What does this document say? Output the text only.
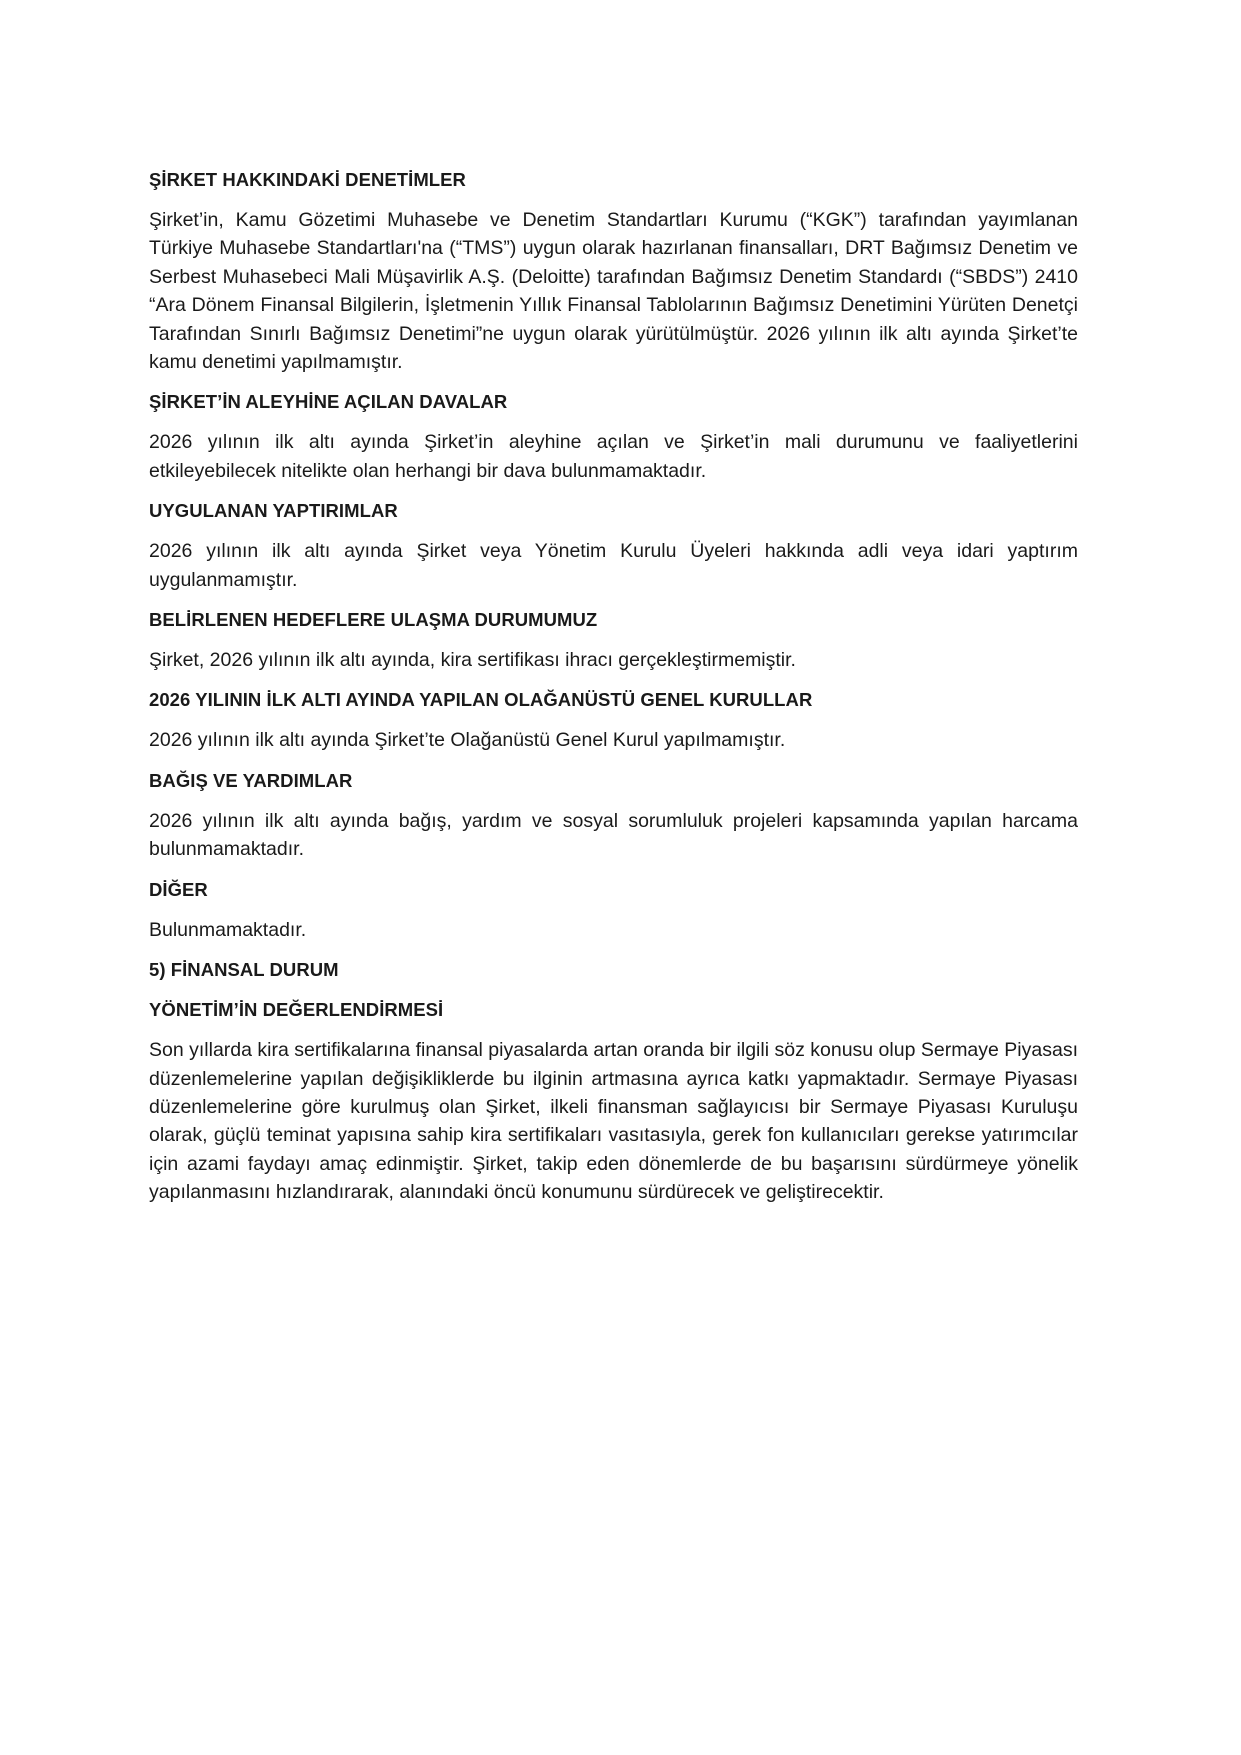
ŞİRKET HAKKINDAKİ DENETİMLER
Şirket’in, Kamu Gözetimi Muhasebe ve Denetim Standartları Kurumu (“KGK”) tarafından yayımlanan Türkiye Muhasebe Standartları'na (“TMS”) uygun olarak hazırlanan finansalları, DRT Bağımsız Denetim ve Serbest Muhasebeci Mali Müşavirlik A.Ş. (Deloitte) tarafından Bağımsız Denetim Standardı (“SBDS”) 2410 “Ara Dönem Finansal Bilgilerin, İşletmenin Yıllık Finansal Tablolarının Bağımsız Denetimini Yürüten Denetçi Tarafından Sınırlı Bağımsız Denetimi”ne uygun olarak yürütülmüştür. 2026 yılının ilk altı ayında Şirket’te kamu denetimi yapılmamıştır.
ŞİRKET’İN ALEYHİNE AÇILAN DAVALAR
2026 yılının ilk altı ayında Şirket’in aleyhine açılan ve Şirket’in mali durumunu ve faaliyetlerini etkileyebilecek nitelikte olan herhangi bir dava bulunmamaktadır.
UYGULANAN YAPTIRIMLAR
2026 yılının ilk altı ayında Şirket veya Yönetim Kurulu Üyeleri hakkında adli veya idari yaptırım uygulanmamıştır.
BELİRLENEN HEDEFLERE ULAŞMA DURUMUMUZ
Şirket, 2026 yılının ilk altı ayında, kira sertifikası ihracı gerçekleştirmemiştir.
2026 YILININ İLK ALTI AYINDA YAPILAN OLAĞANÜSTÜ GENEL KURULLAR
2026 yılının ilk altı ayında Şirket’te Olağanüstü Genel Kurul yapılmamıştır.
BAĞIŞ VE YARDIMLAR
2026 yılının ilk altı ayında bağış, yardım ve sosyal sorumluluk projeleri kapsamında yapılan harcama bulunmamaktadır.
DİĞER
Bulunmamaktadır.
5) FİNANSAL DURUM
YÖNETİM’İN DEĞERLENDİRMESİ
Son yıllarda kira sertifikalarına finansal piyasalarda artan oranda bir ilgili söz konusu olup Sermaye Piyasası düzenlemelerine yapılan değişikliklerde bu ilginin artmasına ayrıca katkı yapmaktadır. Sermaye Piyasası düzenlemelerine göre kurulmuş olan Şirket, ilkeli finansman sağlayıcısı bir Sermaye Piyasası Kuruluşu olarak, güçlü teminat yapısına sahip kira sertifikaları vasıtasıyla, gerek fon kullanıcıları gerekse yatırımcılar için azami faydayı amaç edinmiştir. Şirket, takip eden dönemlerde de bu başarısını sürdürmeye yönelik yapılanmasını hızlandırarak, alanındaki öncü konumunu sürdürecek ve geliştirecektir.
